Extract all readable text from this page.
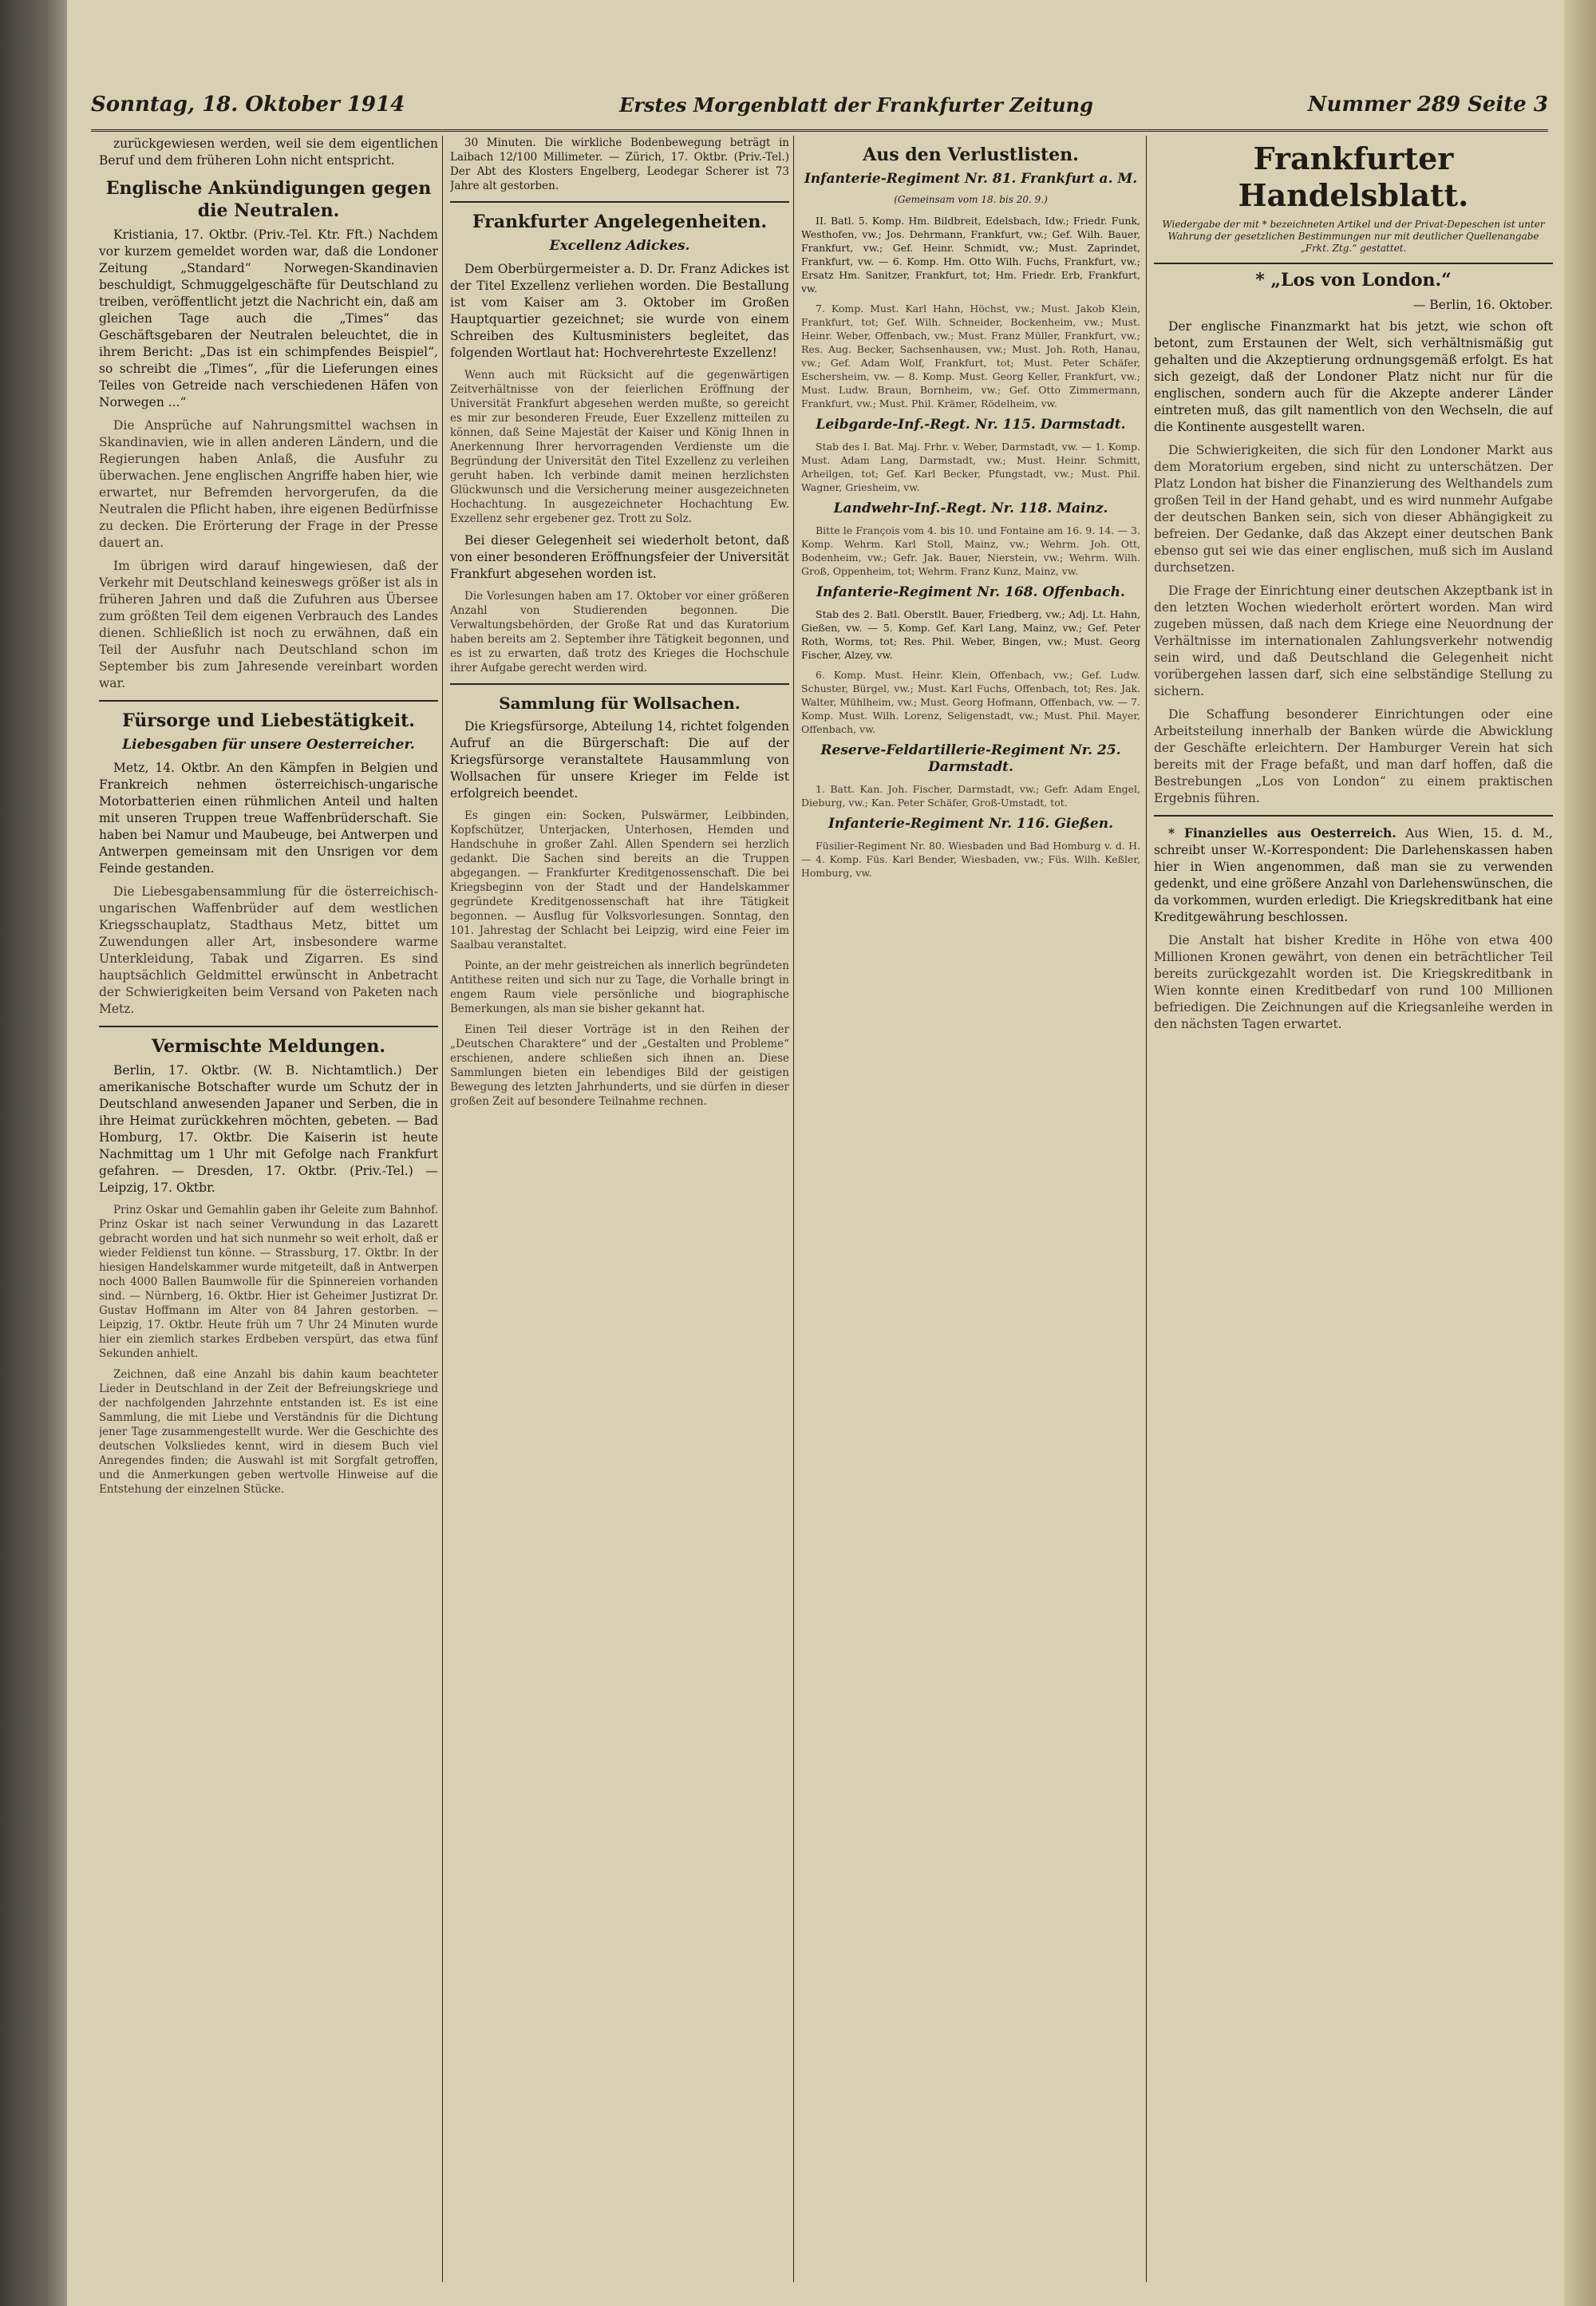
Sonntag, 18. Oktober 1914	Erstes Morgenblatt der Frankfurter Zeitung	Nummer 289 Seite 3
zurückgewiesen werden, weil sie dem eigentlichen Beruf und dem früheren Lohn nicht entspricht.
Englische Ankündigungen gegen die Neutralen.
Kristiania, 17. Oktbr. (Priv.-Tel. Ktr. Fft.) Nachdem vor kurzem gemeldet worden war, daß die Londoner Zeitung „Standard“ Norwegen-Skandinavien beschuldigt, Schmuggelgeschäfte für Deutschland zu treiben, veröffentlicht jetzt die Nachricht ein, daß am gleichen Tage auch die „Times“ das Geschäftsgebaren der Neutralen beleuchtet, die in ihrem Bericht: „Das ist ein schimpfendes Beispiel“, so schreibt die „Times“, „für die Lieferungen eines Teiles von Getreide nach verschiedenen Häfen von Norwegen ...“
Die Ansprüche auf Nahrungsmittel wachsen in Skandinavien, wie in allen anderen Ländern, und die Regierungen haben Anlaß, die Ausfuhr zu überwachen. Jene englischen Angriffe haben hier, wie erwartet, nur Befremden hervorgerufen, da die Neutralen die Pflicht haben, ihre eigenen Bedürfnisse zu decken. Die Erörterung der Frage in der Presse dauert an.
Im übrigen wird darauf hingewiesen, daß der Verkehr mit Deutschland keineswegs größer ist als in früheren Jahren und daß die Zufuhren aus Übersee zum größten Teil dem eigenen Verbrauch des Landes dienen. Schließlich ist noch zu erwähnen, daß ein Teil der Ausfuhr nach Deutschland schon im September bis zum Jahresende vereinbart worden war.
Fürsorge und Liebestätigkeit.
Liebesgaben für unsere Oesterreicher.
Metz, 14. Oktbr. An den Kämpfen in Belgien und Frankreich nehmen österreichisch-ungarische Motorbatterien einen rühmlichen Anteil und halten mit unseren Truppen treue Waffenbrüderschaft. Sie haben bei Namur und Maubeuge, bei Antwerpen und Antwerpen gemeinsam mit den Unsrigen vor dem Feinde gestanden.
Die Liebesgabensammlung für die österreichisch-ungarischen Waffenbrüder auf dem westlichen Kriegsschauplatz, Stadthaus Metz, bittet um Zuwendungen aller Art, insbesondere warme Unterkleidung, Tabak und Zigarren. Es sind hauptsächlich Geldmittel erwünscht in Anbetracht der Schwierigkeiten beim Versand von Paketen nach Metz.
Vermischte Meldungen.
Berlin, 17. Oktbr. (W. B. Nichtamtlich.) Der amerikanische Botschafter wurde um Schutz der in Deutschland anwesenden Japaner und Serben, die in ihre Heimat zurückkehren möchten, gebeten. — Bad Homburg, 17. Oktbr. Die Kaiserin ist heute Nachmittag um 1 Uhr mit Gefolge nach Frankfurt gefahren. — Dresden, 17. Oktbr. (Priv.-Tel.) — Leipzig, 17. Oktbr.
Prinz Oskar und Gemahlin gaben ihr Geleite zum Bahnhof. Prinz Oskar ist nach seiner Verwundung in das Lazarett gebracht worden und hat sich nunmehr so weit erholt, daß er wieder Feldienst tun könne. — Strassburg, 17. Oktbr. In der hiesigen Handelskammer wurde mitgeteilt, daß in Antwerpen noch 4000 Ballen Baumwolle für die Spinnereien vorhanden sind. — Nürnberg, 16. Oktbr. Hier ist Geheimer Justizrat Dr. Gustav Hoffmann im Alter von 84 Jahren gestorben. — Leipzig, 17. Oktbr. Heute früh um 7 Uhr 24 Minuten wurde hier ein ziemlich starkes Erdbeben verspürt, das etwa fünf Sekunden anhielt.
Zeichnen, daß eine Anzahl bis dahin kaum beachteter Lieder in Deutschland in der Zeit der Befreiungskriege und der nachfolgenden Jahrzehnte entstanden ist. Es ist eine Sammlung, die mit Liebe und Verständnis für die Dichtung jener Tage zusammengestellt wurde. Wer die Geschichte des deutschen Volksliedes kennt, wird in diesem Buch viel Anregendes finden; die Auswahl ist mit Sorgfalt getroffen, und die Anmerkungen geben wertvolle Hinweise auf die Entstehung der einzelnen Stücke.
30 Minuten. Die wirkliche Bodenbewegung beträgt in Laibach 12/100 Millimeter. — Zürich, 17. Oktbr. (Priv.-Tel.) Der Abt des Klosters Engelberg, Leodegar Scherer ist 73 Jahre alt gestorben.
Frankfurter Angelegenheiten.
Excellenz Adickes.
Dem Oberbürgermeister a. D. Dr. Franz Adickes ist der Titel Exzellenz verliehen worden. Die Bestallung ist vom Kaiser am 3. Oktober im Großen Hauptquartier gezeichnet; sie wurde von einem Schreiben des Kultusministers begleitet, das folgenden Wortlaut hat: Hochverehrteste Exzellenz!
Wenn auch mit Rücksicht auf die gegenwärtigen Zeitverhältnisse von der feierlichen Eröffnung der Universität Frankfurt abgesehen werden mußte, so gereicht es mir zur besonderen Freude, Euer Exzellenz mitteilen zu können, daß Seine Majestät der Kaiser und König Ihnen in Anerkennung Ihrer hervorragenden Verdienste um die Begründung der Universität den Titel Exzellenz zu verleihen geruht haben. Ich verbinde damit meinen herzlichsten Glückwunsch und die Versicherung meiner ausgezeichneten Hochachtung. In ausgezeichneter Hochachtung Ew. Exzellenz sehr ergebener gez. Trott zu Solz.
Bei dieser Gelegenheit sei wiederholt betont, daß von einer besonderen Eröffnungsfeier der Universität Frankfurt abgesehen worden ist.
Die Vorlesungen haben am 17. Oktober vor einer größeren Anzahl von Studierenden begonnen. Die Verwaltungsbehörden, der Große Rat und das Kuratorium haben bereits am 2. September ihre Tätigkeit begonnen, und es ist zu erwarten, daß trotz des Krieges die Hochschule ihrer Aufgabe gerecht werden wird.
Sammlung für Wollsachen.
Die Kriegsfürsorge, Abteilung 14, richtet folgenden Aufruf an die Bürgerschaft: Die auf der Kriegsfürsorge veranstaltete Hausammlung von Wollsachen für unsere Krieger im Felde ist erfolgreich beendet.
Es gingen ein: Socken, Pulswärmer, Leibbinden, Kopfschützer, Unterjacken, Unterhosen, Hemden und Handschuhe in großer Zahl. Allen Spendern sei herzlich gedankt. Die Sachen sind bereits an die Truppen abgegangen. — Frankfurter Kreditgenossenschaft. Die bei Kriegsbeginn von der Stadt und der Handelskammer gegründete Kreditgenossenschaft hat ihre Tätigkeit begonnen. — Ausflug für Volksvorlesungen. Sonntag, den 101. Jahrestag der Schlacht bei Leipzig, wird eine Feier im Saalbau veranstaltet.
Pointe, an der mehr geistreichen als innerlich begründeten Antithese reiten und sich nur zu Tage, die Vorhalle bringt in engem Raum viele persönliche und biographische Bemerkungen, als man sie bisher gekannt hat.
Einen Teil dieser Vorträge ist in den Reihen der „Deutschen Charaktere“ und der „Gestalten und Probleme“ erschienen, andere schließen sich ihnen an. Diese Sammlungen bieten ein lebendiges Bild der geistigen Bewegung des letzten Jahrhunderts, und sie dürfen in dieser großen Zeit auf besondere Teilnahme rechnen.
Aus den Verlustlisten.
Infanterie-Regiment Nr. 81. Frankfurt a. M.
(Gemeinsam vom 18. bis 20. 9.)
II. Batl. 5. Komp. Hm. Bildbreit, Edelsbach, Idw.; Friedr. Funk, Westhofen, vw.; Jos. Dehrmann, Frankfurt, vw.; Gef. Wilh. Bauer, Frankfurt, vw.; Gef. Heinr. Schmidt, vw.; Must. Zaprindet, Frankfurt, vw. — 6. Komp. Hm. Otto Wilh. Fuchs, Frankfurt, vw.; Ersatz Hm. Sanitzer, Frankfurt, tot; Hm. Friedr. Erb, Frankfurt, vw.
7. Komp. Must. Karl Hahn, Höchst, vw.; Must. Jakob Klein, Frankfurt, tot; Gef. Wilh. Schneider, Bockenheim, vw.; Must. Heinr. Weber, Offenbach, vw.; Must. Franz Müller, Frankfurt, vw.; Res. Aug. Becker, Sachsenhausen, vw.; Must. Joh. Roth, Hanau, vw.; Gef. Adam Wolf, Frankfurt, tot; Must. Peter Schäfer, Eschersheim, vw. — 8. Komp. Must. Georg Keller, Frankfurt, vw.; Must. Ludw. Braun, Bornheim, vw.; Gef. Otto Zimmermann, Frankfurt, vw.; Must. Phil. Krämer, Rödelheim, vw.
Leibgarde-Inf.-Regt. Nr. 115. Darmstadt.
Stab des I. Bat. Maj. Frhr. v. Weber, Darmstadt, vw. — 1. Komp. Must. Adam Lang, Darmstadt, vw.; Must. Heinr. Schmitt, Arheilgen, tot; Gef. Karl Becker, Pfungstadt, vw.; Must. Phil. Wagner, Griesheim, vw.
Landwehr-Inf.-Regt. Nr. 118. Mainz.
Bitte le François vom 4. bis 10. und Fontaine am 16. 9. 14. — 3. Komp. Wehrm. Karl Stoll, Mainz, vw.; Wehrm. Joh. Ott, Bodenheim, vw.; Gefr. Jak. Bauer, Nierstein, vw.; Wehrm. Wilh. Groß, Oppenheim, tot; Wehrm. Franz Kunz, Mainz, vw.
Infanterie-Regiment Nr. 168. Offenbach.
Stab des 2. Batl. Oberstlt. Bauer, Friedberg, vw.; Adj. Lt. Hahn, Gießen, vw. — 5. Komp. Gef. Karl Lang, Mainz, vw.; Gef. Peter Roth, Worms, tot; Res. Phil. Weber, Bingen, vw.; Must. Georg Fischer, Alzey, vw.
6. Komp. Must. Heinr. Klein, Offenbach, vw.; Gef. Ludw. Schuster, Bürgel, vw.; Must. Karl Fuchs, Offenbach, tot; Res. Jak. Walter, Mühlheim, vw.; Must. Georg Hofmann, Offenbach, vw. — 7. Komp. Must. Wilh. Lorenz, Seligenstadt, vw.; Must. Phil. Mayer, Offenbach, vw.
Reserve-Feldartillerie-Regiment Nr. 25. Darmstadt.
1. Batt. Kan. Joh. Fischer, Darmstadt, vw.; Gefr. Adam Engel, Dieburg, vw.; Kan. Peter Schäfer, Groß-Umstadt, tot.
Infanterie-Regiment Nr. 116. Gießen.
Füsilier-Regiment Nr. 80. Wiesbaden und Bad Homburg v. d. H. — 4. Komp. Füs. Karl Bender, Wiesbaden, vw.; Füs. Wilh. Keßler, Homburg, vw.
Frankfurter Handelsblatt.
Wiedergabe der mit * bezeichneten Artikel und der Privat-Depeschen ist unter Wahrung der gesetzlichen Bestimmungen nur mit deutlicher Quellenangabe „Frkt. Ztg.“ gestattet.
* „Los von London.“
— Berlin, 16. Oktober.
Der englische Finanzmarkt hat bis jetzt, wie schon oft betont, zum Erstaunen der Welt, sich verhältnismäßig gut gehalten und die Akzeptierung ordnungsgemäß erfolgt. Es hat sich gezeigt, daß der Londoner Platz nicht nur für die englischen, sondern auch für die Akzepte anderer Länder eintreten muß, das gilt namentlich von den Wechseln, die auf die Kontinente ausgestellt waren.
Die Schwierigkeiten, die sich für den Londoner Markt aus dem Moratorium ergeben, sind nicht zu unterschätzen. Der Platz London hat bisher die Finanzierung des Welthandels zum großen Teil in der Hand gehabt, und es wird nunmehr Aufgabe der deutschen Banken sein, sich von dieser Abhängigkeit zu befreien. Der Gedanke, daß das Akzept einer deutschen Bank ebenso gut sei wie das einer englischen, muß sich im Ausland durchsetzen.
Die Frage der Einrichtung einer deutschen Akzeptbank ist in den letzten Wochen wiederholt erörtert worden. Man wird zugeben müssen, daß nach dem Kriege eine Neuordnung der Verhältnisse im internationalen Zahlungsverkehr notwendig sein wird, und daß Deutschland die Gelegenheit nicht vorübergehen lassen darf, sich eine selbständige Stellung zu sichern.
Die Schaffung besonderer Einrichtungen oder eine Arbeitsteilung innerhalb der Banken würde die Abwicklung der Geschäfte erleichtern. Der Hamburger Verein hat sich bereits mit der Frage befaßt, und man darf hoffen, daß die Bestrebungen „Los von London“ zu einem praktischen Ergebnis führen.
* Finanzielles aus Oesterreich. Aus Wien, 15. d. M., schreibt unser W.-Korrespondent: Die Darlehenskassen haben hier in Wien angenommen, daß man sie zu verwenden gedenkt, und eine größere Anzahl von Darlehenswünschen, die da vorkommen, wurden erledigt. Die Kriegskreditbank hat eine Kreditgewährung beschlossen.
Die Anstalt hat bisher Kredite in Höhe von etwa 400 Millionen Kronen gewährt, von denen ein beträchtlicher Teil bereits zurückgezahlt worden ist. Die Kriegskreditbank in Wien konnte einen Kreditbedarf von rund 100 Millionen befriedigen. Die Zeichnungen auf die Kriegsanleihe werden in den nächsten Tagen erwartet.
